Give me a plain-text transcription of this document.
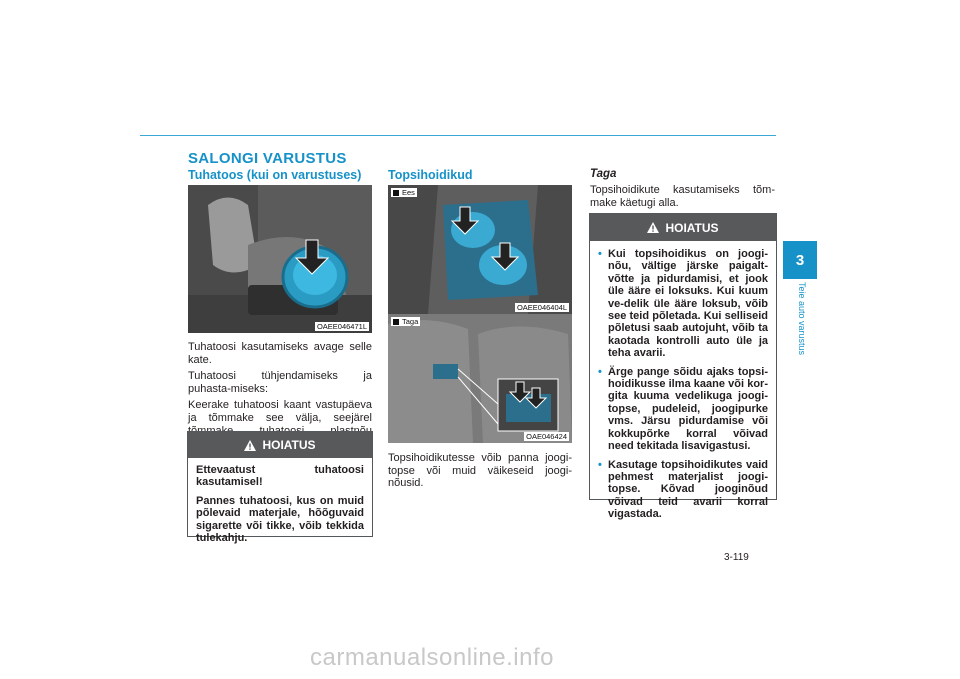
SALONGI VARUSTUS
Tuhatoos (kui on varustuses)
OAEE046471L

Tuhatoosi kasutamiseks avage selle kate.

Tuhatoosi tühjendamiseks ja puhasta-miseks:

Keerake tuhatoosi kaant vastupäeva ja tõmmake see välja, seejärel

HOIATUS

Ettevaatust tuhatoosi kasutamisel!

Pannes tuhatoosi, kus on muid põlevaid materjale, hõõguvaid sigarette või tikke, võib tekkida tulekahju.

Topsihoidikud
Ees
OAEE046404L
Taga
OAE046424
Topsihoidikutesse võib panna joogi-topse või muid väikeseid joogi-nõusid.
Taga
Topsihoidikute kasutamiseks tõm-make käetugi alla.
HOIATUS
• Kui topsihoidikus on joogi-nõu, vältige järske paigalt-võtte ja pidurdamisi, et jook üle ääre ei loksuks. Kui kuum ve-delik üle ääre loksub, võib see teid põletada. Kui selliseid põletusi saab autojuht, võib ta kaotada kontrolli auto üle ja teha avarii.
• Ärge pange sõidu ajaks topsi-hoidikusse ilma kaane või kor-gita kuuma vedelikuga joogi-topse, pudeleid, joogipurke vms. Järsu pidurdamise või kokkupõrke korral võivad need tekitada lisavigastusi.
• Kasutage topsihoidikutes vaid pehmest materjalist joogi-topse. Kõvad jooginõud võivad teid avarii korral vigastada.
3
Teie auto varustus
3-119
carmanualsonline.info
